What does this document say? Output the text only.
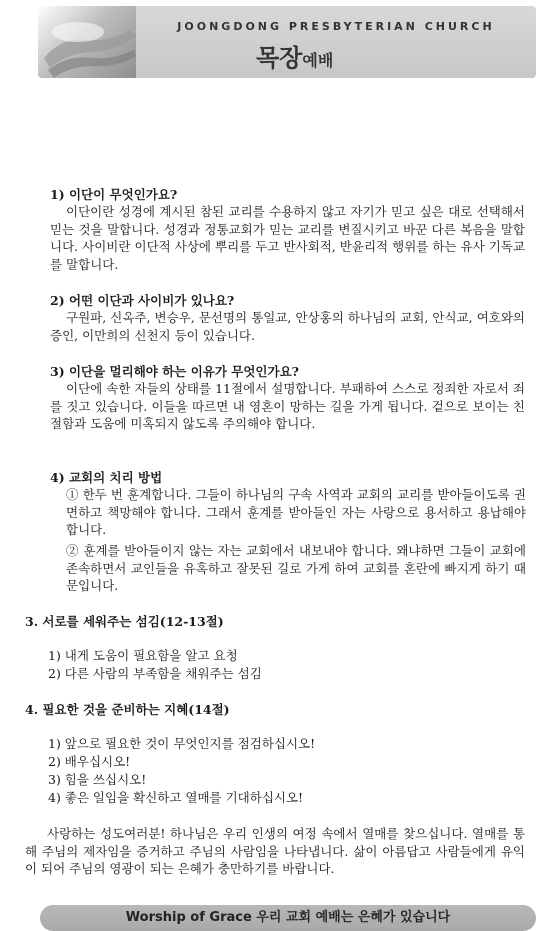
JOONGDONG PRESBYTERIAN CHURCH
목장예배
1) 이단이 무엇인가요?
이단이란 성경에 계시된 참된 교리를 수용하지 않고 자기가 믿고 싶은 대로 선택해서 믿는 것을 말합니다. 성경과 정통교회가 믿는 교리를 변질시키고 바꾼 다른 복음을 말합니다. 사이비란 이단적 사상에 뿌리를 두고 반사회적, 반윤리적 행위를 하는 유사 기독교를 말합니다.
2) 어떤 이단과 사이비가 있나요?
구원파, 신옥주, 변승우, 문선명의 통일교, 안상홍의 하나님의 교회, 안식교, 여호와의 증인, 이만희의 신천지 등이 있습니다.
3) 이단을 멀리해야 하는 이유가 무엇인가요?
이단에 속한 자들의 상태를 11절에서 설명합니다. 부패하여 스스로 정죄한 자로서 죄를 짓고 있습니다. 이들을 따르면 내 영혼이 망하는 길을 가게 됩니다. 겉으로 보이는 친절함과 도움에 미혹되지 않도록 주의해야 합니다.
4) 교회의 치리 방법
① 한두 번 훈계합니다. 그들이 하나님의 구속 사역과 교회의 교리를 받아들이도록 권면하고 책망해야 합니다. 그래서 훈계를 받아들인 자는 사랑으로 용서하고 용납해야 합니다.
② 훈계를 받아들이지 않는 자는 교회에서 내보내야 합니다. 왜냐하면 그들이 교회에 존속하면서 교인들을 유혹하고 잘못된 길로 가게 하여 교회를 혼란에 빠지게 하기 때문입니다.
3. 서로를 세워주는 섬김(12-13절)
1) 내게 도움이 필요함을 알고 요청
2) 다른 사람의 부족함을 채워주는 섬김
4. 필요한 것을 준비하는 지혜(14절)
1) 앞으로 필요한 것이 무엇인지를 점검하십시오!
2) 배우십시오!
3) 힘을 쓰십시오!
4) 좋은 일임을 확신하고 열매를 기대하십시오!
사랑하는 성도여러분! 하나님은 우리 인생의 여정 속에서 열매를 찾으십니다. 열매를 통해 주님의 제자임을 증거하고 주님의 사람임을 나타냅니다. 삶이 아름답고 사람들에게 유익이 되어 주님의 영광이 되는 은혜가 충만하기를 바랍니다.
Worship of Grace 우리 교회 예배는 은혜가 있습니다
